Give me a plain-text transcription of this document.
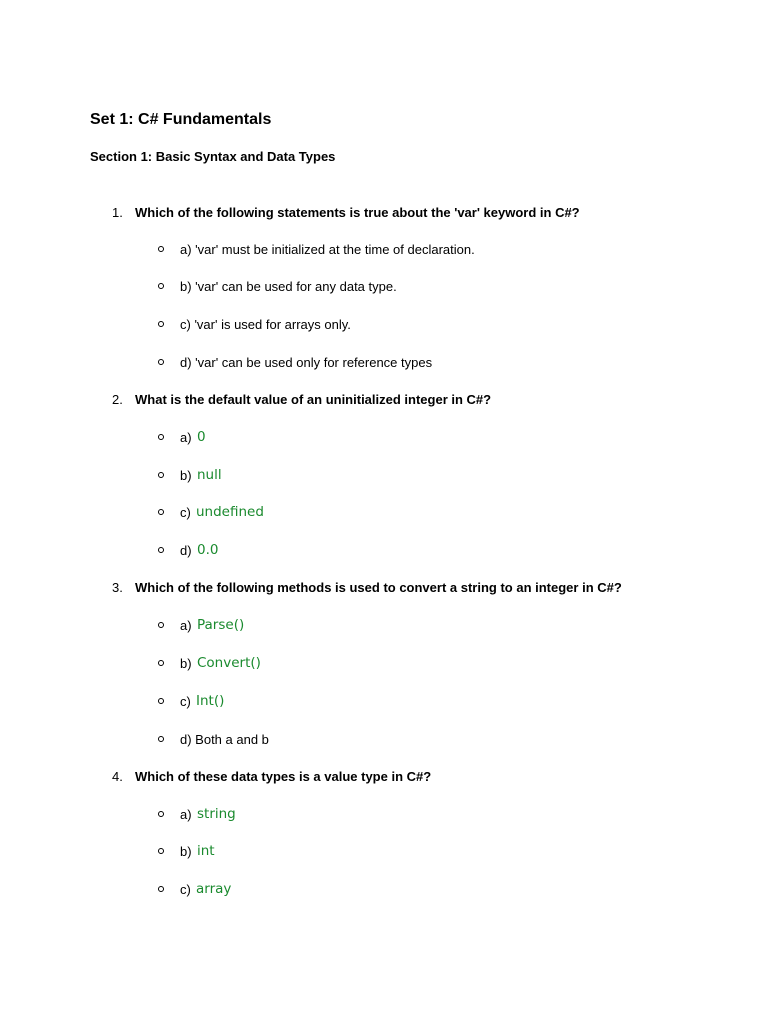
Set 1: C# Fundamentals
Section 1: Basic Syntax and Data Types
1. Which of the following statements is true about the 'var' keyword in C#?
a) 'var' must be initialized at the time of declaration.
b) 'var' can be used for any data type.
c) 'var' is used for arrays only.
d) 'var' can be used only for reference types
2. What is the default value of an uninitialized integer in C#?
a) 0
b) null
c) undefined
d) 0.0
3. Which of the following methods is used to convert a string to an integer in C#?
a) Parse()
b) Convert()
c) Int()
d) Both a and b
4. Which of these data types is a value type in C#?
a) string
b) int
c) array
